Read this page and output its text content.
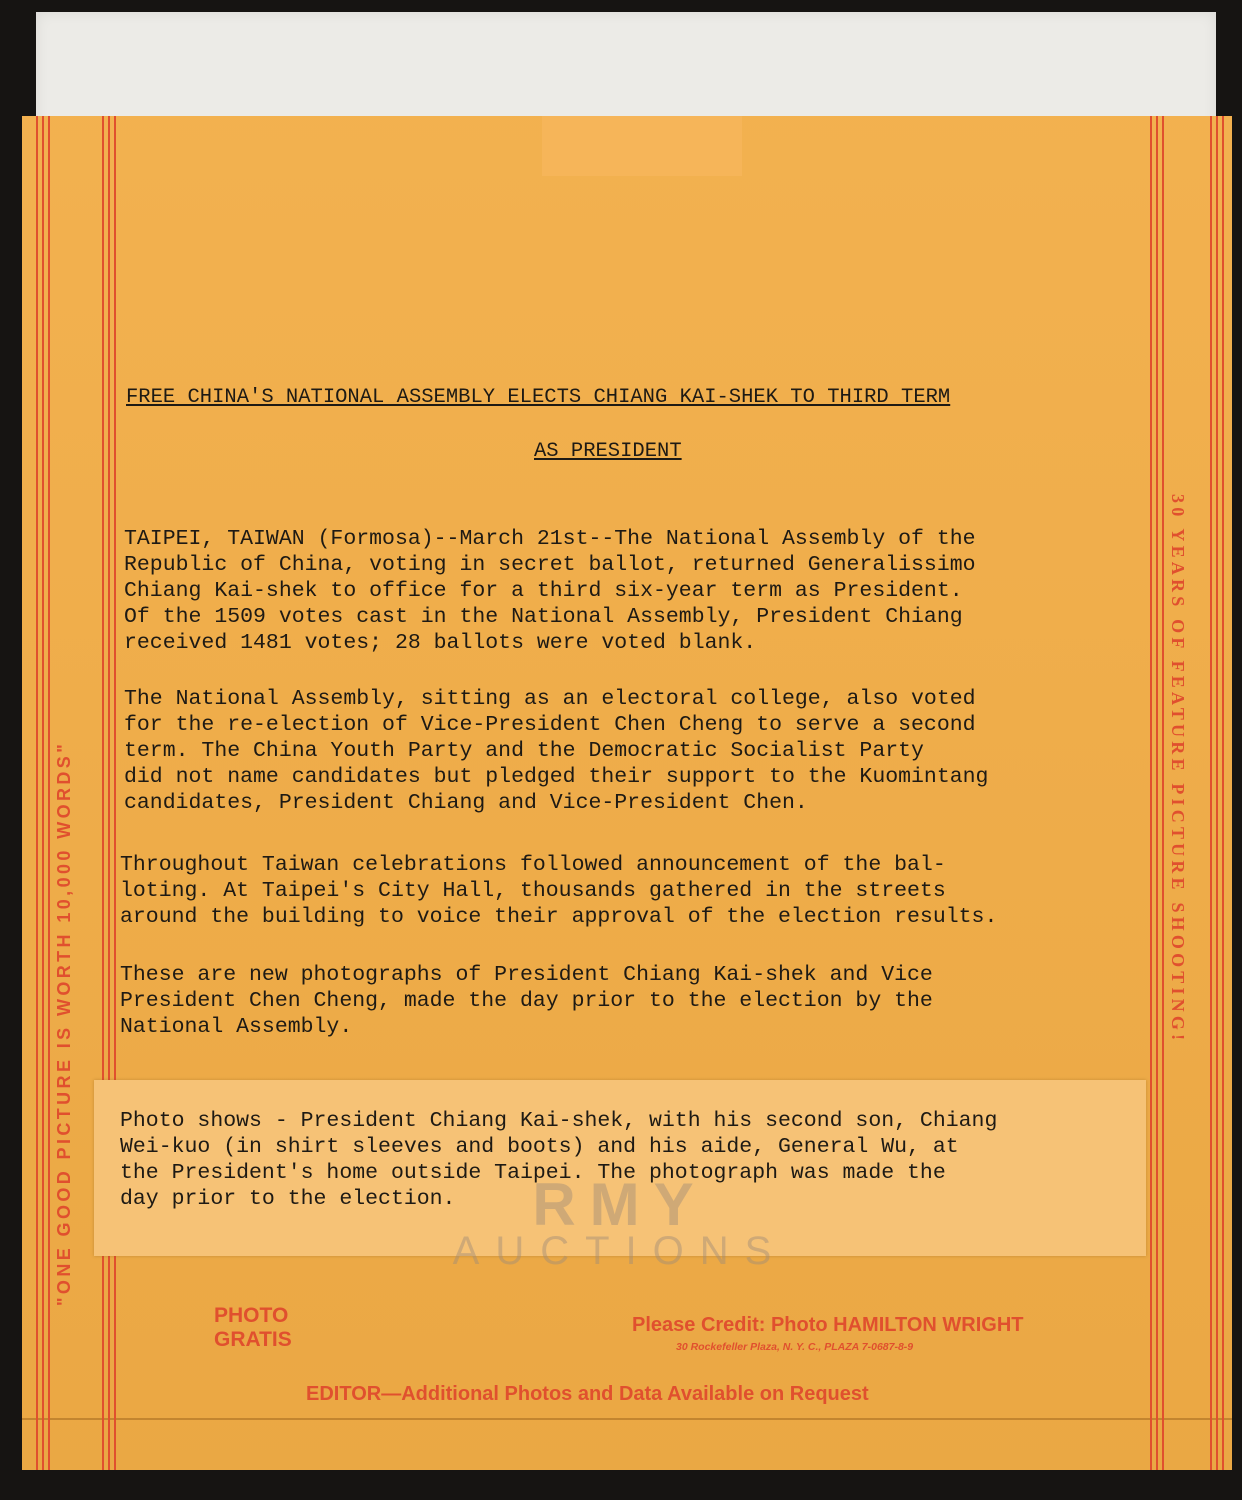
"ONE GOOD PICTURE IS WORTH 10,000 WORDS"	30 YEARS OF FEATURE PICTURE SHOOTING!
FREE CHINA'S NATIONAL ASSEMBLY ELECTS CHIANG KAI-SHEK TO THIRD TERM
AS PRESIDENT
TAIPEI, TAIWAN (Formosa)--March 21st--The National Assembly of the
Republic of China, voting in secret ballot, returned Generalissimo
Chiang Kai-shek to office for a third six-year term as President.
Of the 1509 votes cast in the National Assembly, President Chiang
received 1481 votes; 28 ballots were voted blank.
The National Assembly, sitting as an electoral college, also voted
for the re-election of Vice-President Chen Cheng to serve a second
term. The China Youth Party and the Democratic Socialist Party
did not name candidates but pledged their support to the Kuomintang
candidates, President Chiang and Vice-President Chen.
Throughout Taiwan celebrations followed announcement of the bal-
loting. At Taipei's City Hall, thousands gathered in the streets
around the building to voice their approval of the election results.
These are new photographs of President Chiang Kai-shek and Vice
President Chen Cheng, made the day prior to the election by the
National Assembly.
RMY
AUCTIONS
Photo shows - President Chiang Kai-shek, with his second son, Chiang
Wei-kuo (in shirt sleeves and boots) and his aide, General Wu, at
the President's home outside Taipei. The photograph was made the
day prior to the election.
PHOTO
GRATIS
Please Credit: Photo HAMILTON WRIGHT
30 Rockefeller Plaza, N. Y. C., PLAZA 7-0687-8-9
EDITOR—Additional Photos and Data Available on Request
